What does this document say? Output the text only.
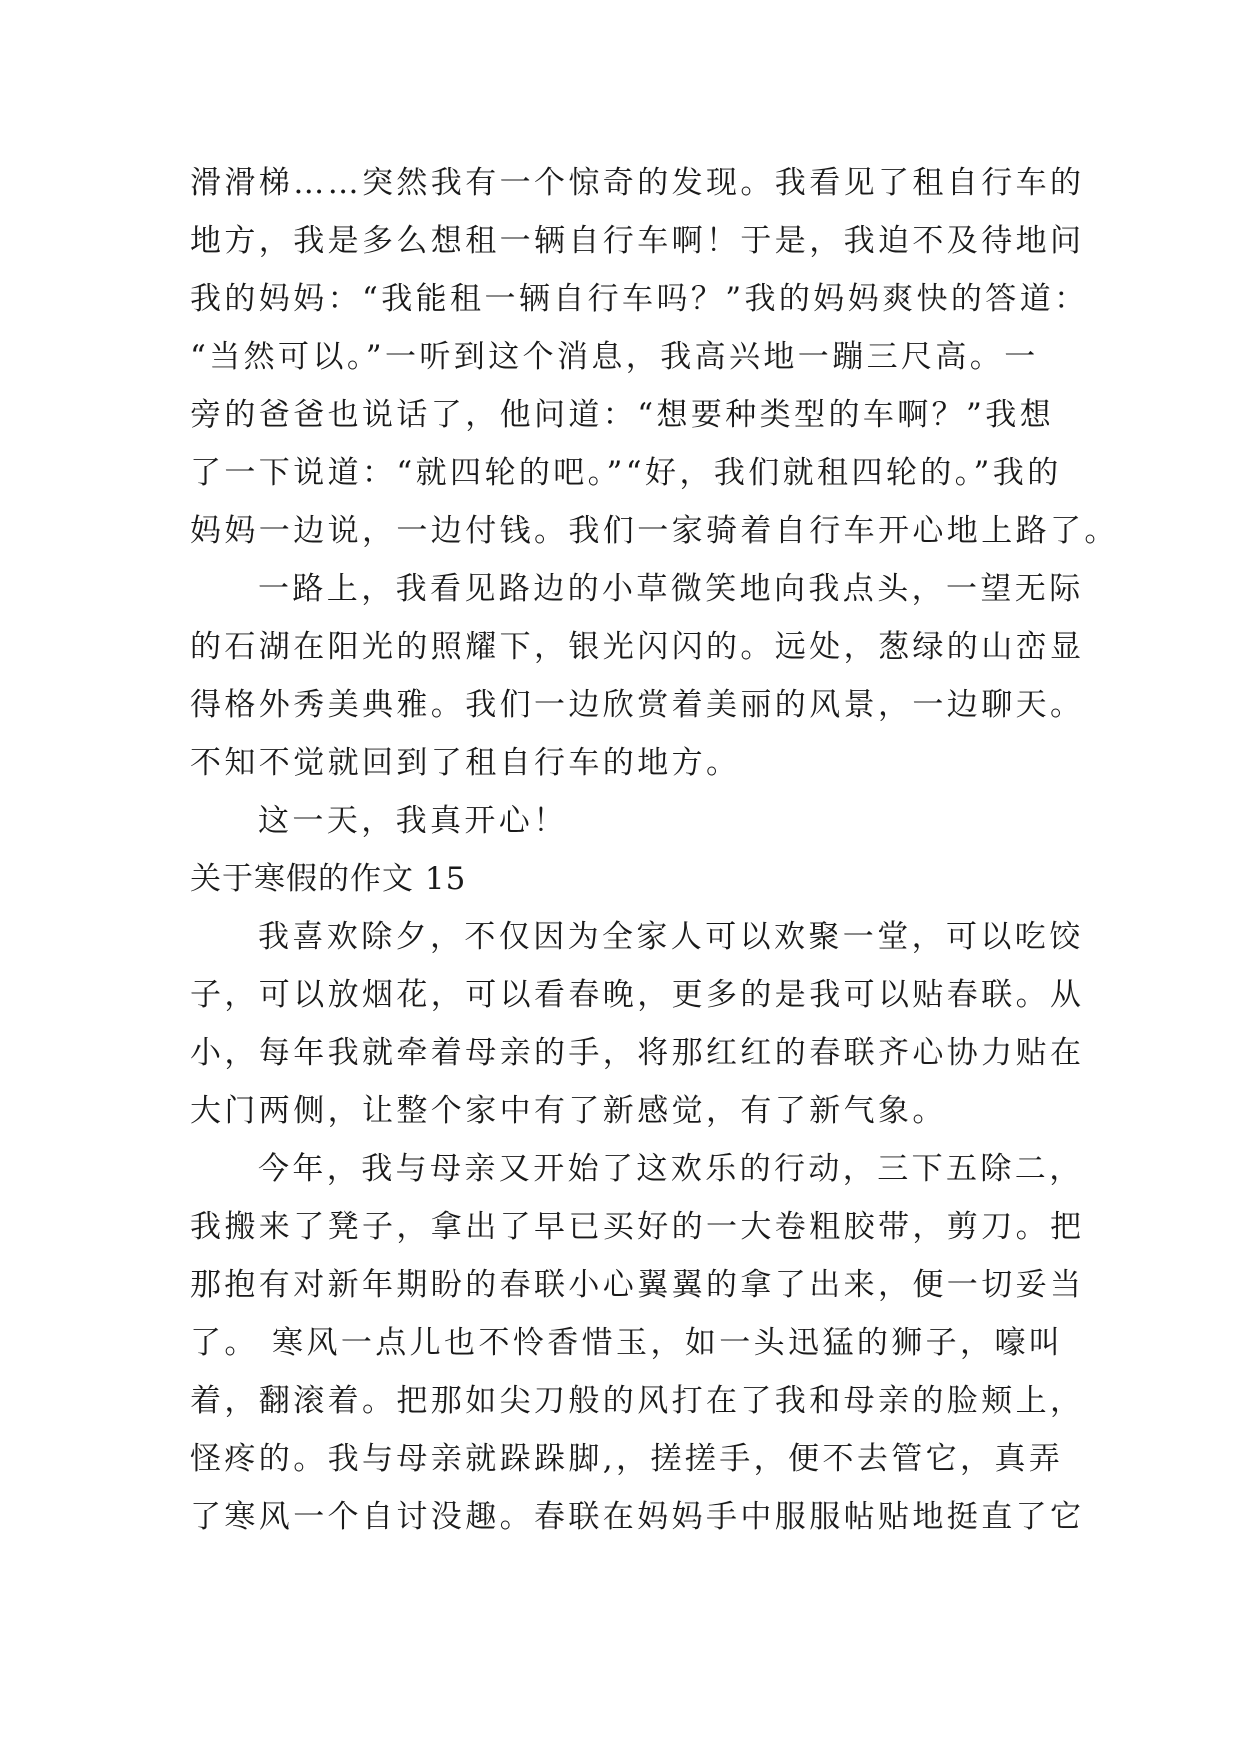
滑滑梯……突然我有一个惊奇的发现。我看见了租自行车的
地方，我是多么想租一辆自行车啊！于是，我迫不及待地问
我的妈妈：“我能租一辆自行车吗？”我的妈妈爽快的答道：
“当然可以。”一听到这个消息，我高兴地一蹦三尺高。一
旁的爸爸也说话了，他问道：“想要种类型的车啊？”我想
了一下说道：“就四轮的吧。”“好，我们就租四轮的。”我的
妈妈一边说，一边付钱。我们一家骑着自行车开心地上路了。
一路上，我看见路边的小草微笑地向我点头，一望无际
的石湖在阳光的照耀下，银光闪闪的。远处，葱绿的山峦显
得格外秀美典雅。我们一边欣赏着美丽的风景，一边聊天。
不知不觉就回到了租自行车的地方。
这一天，我真开心！
关于寒假的作文 15
我喜欢除夕，不仅因为全家人可以欢聚一堂，可以吃饺
子，可以放烟花，可以看春晚，更多的是我可以贴春联。从
小，每年我就牵着母亲的手，将那红红的春联齐心协力贴在
大门两侧，让整个家中有了新感觉，有了新气象。
今年，我与母亲又开始了这欢乐的行动，三下五除二，
我搬来了凳子，拿出了早已买好的一大卷粗胶带，剪刀。把
那抱有对新年期盼的春联小心翼翼的拿了出来，便一切妥当
了。 寒风一点儿也不怜香惜玉，如一头迅猛的狮子，嚎叫
着，翻滚着。把那如尖刀般的风打在了我和母亲的脸颊上，
怪疼的。我与母亲就跺跺脚,，搓搓手，便不去管它，真弄
了寒风一个自讨没趣。春联在妈妈手中服服帖贴地挺直了它
